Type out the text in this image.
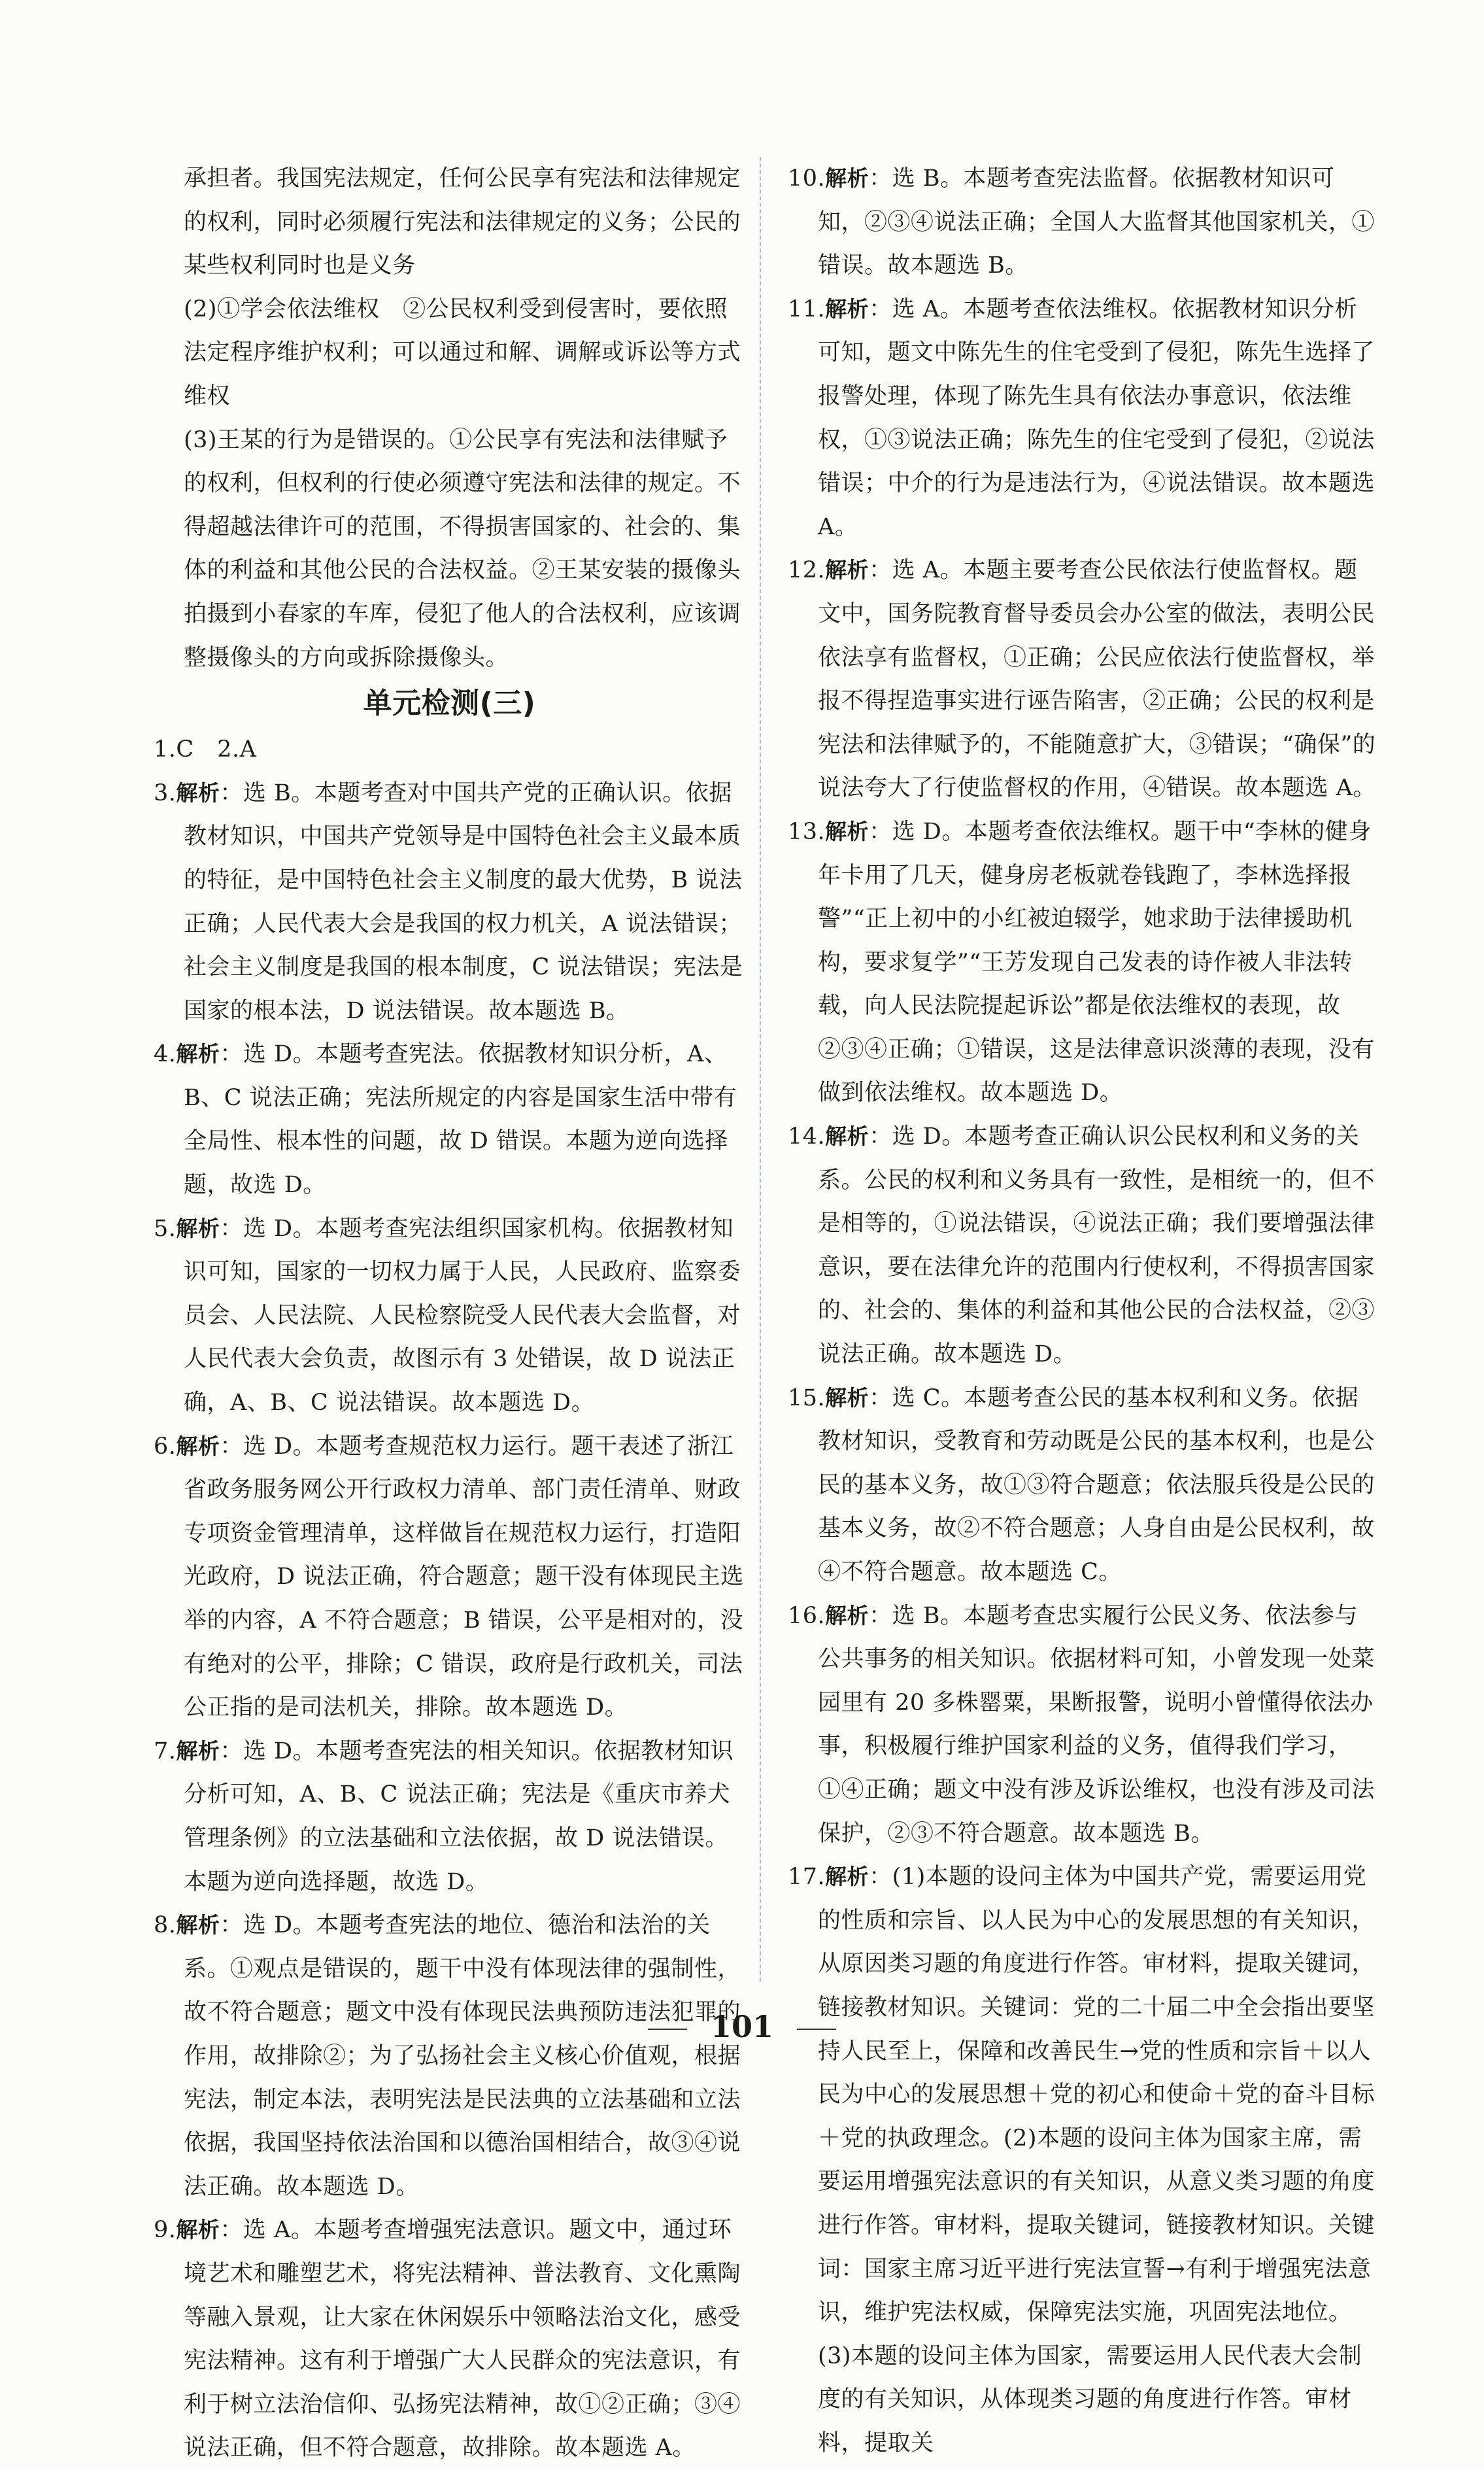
承担者。我国宪法规定，任何公民享有宪法和法律规定的权利，同时必须履行宪法和法律规定的义务；公民的某些权利同时也是义务

(2)①学会依法维权　②公民权利受到侵害时，要依照法定程序维护权利；可以通过和解、调解或诉讼等方式维权

(3)王某的行为是错误的。①公民享有宪法和法律赋予的权利，但权利的行使必须遵守宪法和法律的规定。不得超越法律许可的范围，不得损害国家的、社会的、集体的利益和其他公民的合法权益。②王某安装的摄像头拍摄到小春家的车库，侵犯了他人的合法权利，应该调整摄像头的方向或拆除摄像头。

单元检测(三)

1.C　2.A

3.解析：选 B。本题考查对中国共产党的正确认识。依据教材知识，中国共产党领导是中国特色社会主义最本质的特征，是中国特色社会主义制度的最大优势，B 说法正确；人民代表大会是我国的权力机关，A 说法错误；社会主义制度是我国的根本制度，C 说法错误；宪法是国家的根本法，D 说法错误。故本题选 B。

4.解析：选 D。本题考查宪法。依据教材知识分析，A、B、C 说法正确；宪法所规定的内容是国家生活中带有全局性、根本性的问题，故 D 错误。本题为逆向选择题，故选 D。

5.解析：选 D。本题考查宪法组织国家机构。依据教材知识可知，国家的一切权力属于人民，人民政府、监察委员会、人民法院、人民检察院受人民代表大会监督，对人民代表大会负责，故图示有 3 处错误，故 D 说法正确，A、B、C 说法错误。故本题选 D。

6.解析：选 D。本题考查规范权力运行。题干表述了浙江省政务服务网公开行政权力清单、部门责任清单、财政专项资金管理清单，这样做旨在规范权力运行，打造阳光政府，D 说法正确，符合题意；题干没有体现民主选举的内容，A 不符合题意；B 错误，公平是相对的，没有绝对的公平，排除；C 错误，政府是行政机关，司法公正指的是司法机关，排除。故本题选 D。

7.解析：选 D。本题考查宪法的相关知识。依据教材知识分析可知，A、B、C 说法正确；宪法是《重庆市养犬管理条例》的立法基础和立法依据，故 D 说法错误。本题为逆向选择题，故选 D。

8.解析：选 D。本题考查宪法的地位、德治和法治的关系。①观点是错误的，题干中没有体现法律的强制性，故不符合题意；题文中没有体现民法典预防违法犯罪的作用，故排除②；为了弘扬社会主义核心价值观，根据宪法，制定本法，表明宪法是民法典的立法基础和立法依据，我国坚持依法治国和以德治国相结合，故③④说法正确。故本题选 D。

9.解析：选 A。本题考查增强宪法意识。题文中，通过环境艺术和雕塑艺术，将宪法精神、普法教育、文化熏陶等融入景观，让大家在休闲娱乐中领略法治文化，感受宪法精神。这有利于增强广大人民群众的宪法意识，有利于树立法治信仰、弘扬宪法精神，故①②正确；③④说法正确，但不符合题意，故排除。故本题选 A。

10.解析：选 B。本题考查宪法监督。依据教材知识可知，②③④说法正确；全国人大监督其他国家机关，①错误。故本题选 B。

11.解析：选 A。本题考查依法维权。依据教材知识分析可知，题文中陈先生的住宅受到了侵犯，陈先生选择了报警处理，体现了陈先生具有依法办事意识，依法维权，①③说法正确；陈先生的住宅受到了侵犯，②说法错误；中介的行为是违法行为，④说法错误。故本题选 A。

12.解析：选 A。本题主要考查公民依法行使监督权。题文中，国务院教育督导委员会办公室的做法，表明公民依法享有监督权，①正确；公民应依法行使监督权，举报不得捏造事实进行诬告陷害，②正确；公民的权利是宪法和法律赋予的，不能随意扩大，③错误；“确保”的说法夸大了行使监督权的作用，④错误。故本题选 A。

13.解析：选 D。本题考查依法维权。题干中“李林的健身年卡用了几天，健身房老板就卷钱跑了，李林选择报警”“正上初中的小红被迫辍学，她求助于法律援助机构，要求复学”“王芳发现自己发表的诗作被人非法转载，向人民法院提起诉讼”都是依法维权的表现，故②③④正确；①错误，这是法律意识淡薄的表现，没有做到依法维权。故本题选 D。

14.解析：选 D。本题考查正确认识公民权利和义务的关系。公民的权利和义务具有一致性，是相统一的，但不是相等的，①说法错误，④说法正确；我们要增强法律意识，要在法律允许的范围内行使权利，不得损害国家的、社会的、集体的利益和其他公民的合法权益，②③说法正确。故本题选 D。

15.解析：选 C。本题考查公民的基本权利和义务。依据教材知识，受教育和劳动既是公民的基本权利，也是公民的基本义务，故①③符合题意；依法服兵役是公民的基本义务，故②不符合题意；人身自由是公民权利，故④不符合题意。故本题选 C。

16.解析：选 B。本题考查忠实履行公民义务、依法参与公共事务的相关知识。依据材料可知，小曾发现一处菜园里有 20 多株罂粟，果断报警，说明小曾懂得依法办事，积极履行维护国家利益的义务，值得我们学习，①④正确；题文中没有涉及诉讼维权，也没有涉及司法保护，②③不符合题意。故本题选 B。

17.解析：(1)本题的设问主体为中国共产党，需要运用党的性质和宗旨、以人民为中心的发展思想的有关知识，从原因类习题的角度进行作答。审材料，提取关键词，链接教材知识。关键词：党的二十届二中全会指出要坚持人民至上，保障和改善民生→党的性质和宗旨＋以人民为中心的发展思想＋党的初心和使命＋党的奋斗目标＋党的执政理念。(2)本题的设问主体为国家主席，需要运用增强宪法意识的有关知识，从意义类习题的角度进行作答。审材料，提取关键词，链接教材知识。关键词：国家主席习近平进行宪法宣誓→有利于增强宪法意识，维护宪法权威，保障宪法实施，巩固宪法地位。(3)本题的设问主体为国家，需要运用人民代表大会制度的有关知识，从体现类习题的角度进行作答。审材料，提取关

101
